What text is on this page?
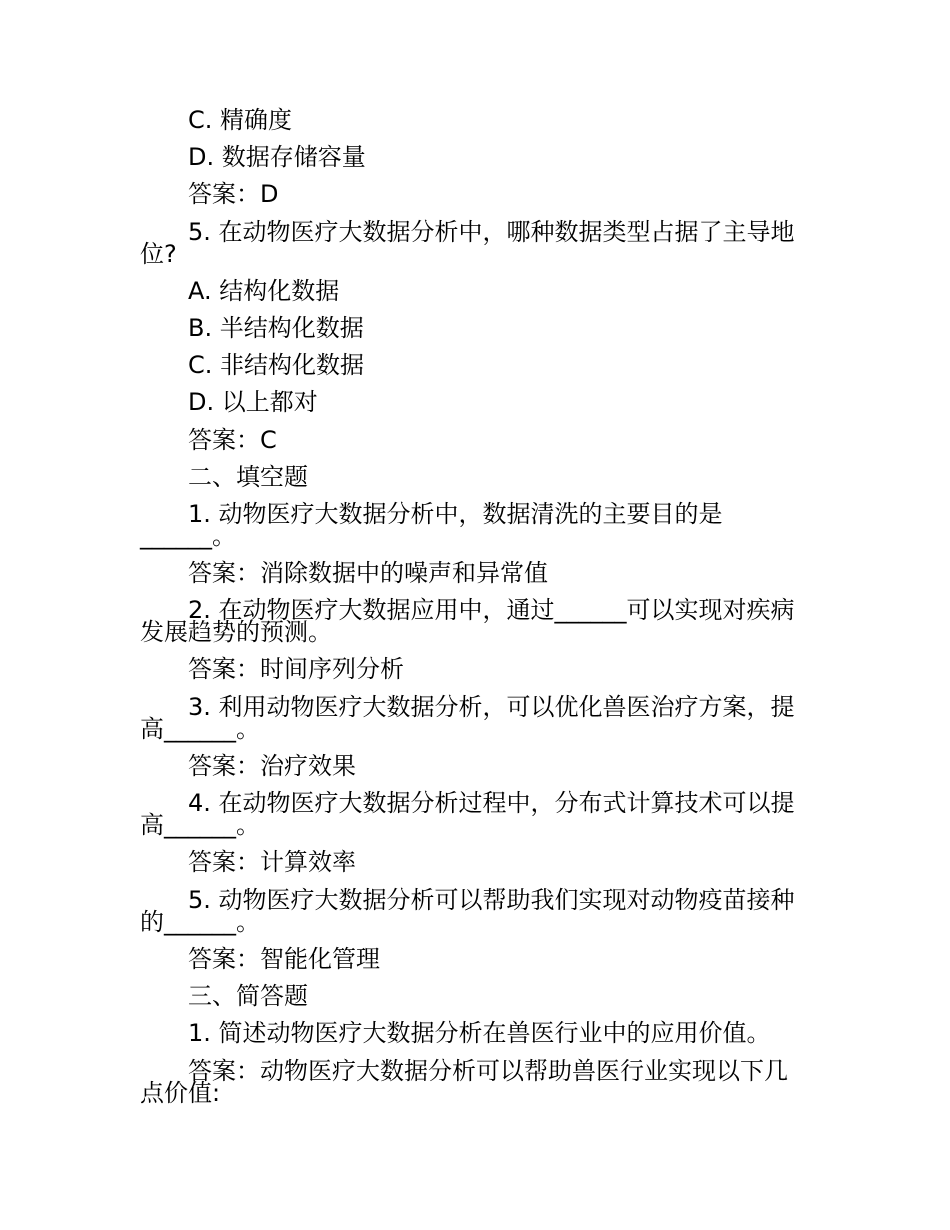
C. 精确度
D. 数据存储容量
答案：D
5. 在动物医疗大数据分析中，哪种数据类型占据了主导地
位?
A. 结构化数据
B. 半结构化数据
C. 非结构化数据
D. 以上都对
答案：C
二、填空题
1. 动物医疗大数据分析中，数据清洗的主要目的是
______。
答案：消除数据中的噪声和异常值
2. 在动物医疗大数据应用中，通过______可以实现对疾病
发展趋势的预测。
答案：时间序列分析
3. 利用动物医疗大数据分析，可以优化兽医治疗方案，提
高______。
答案：治疗效果
4. 在动物医疗大数据分析过程中，分布式计算技术可以提
高______。
答案：计算效率
5. 动物医疗大数据分析可以帮助我们实现对动物疫苗接种
的______。
答案：智能化管理
三、简答题
1. 简述动物医疗大数据分析在兽医行业中的应用价值。
答案：动物医疗大数据分析可以帮助兽医行业实现以下几
点价值:
